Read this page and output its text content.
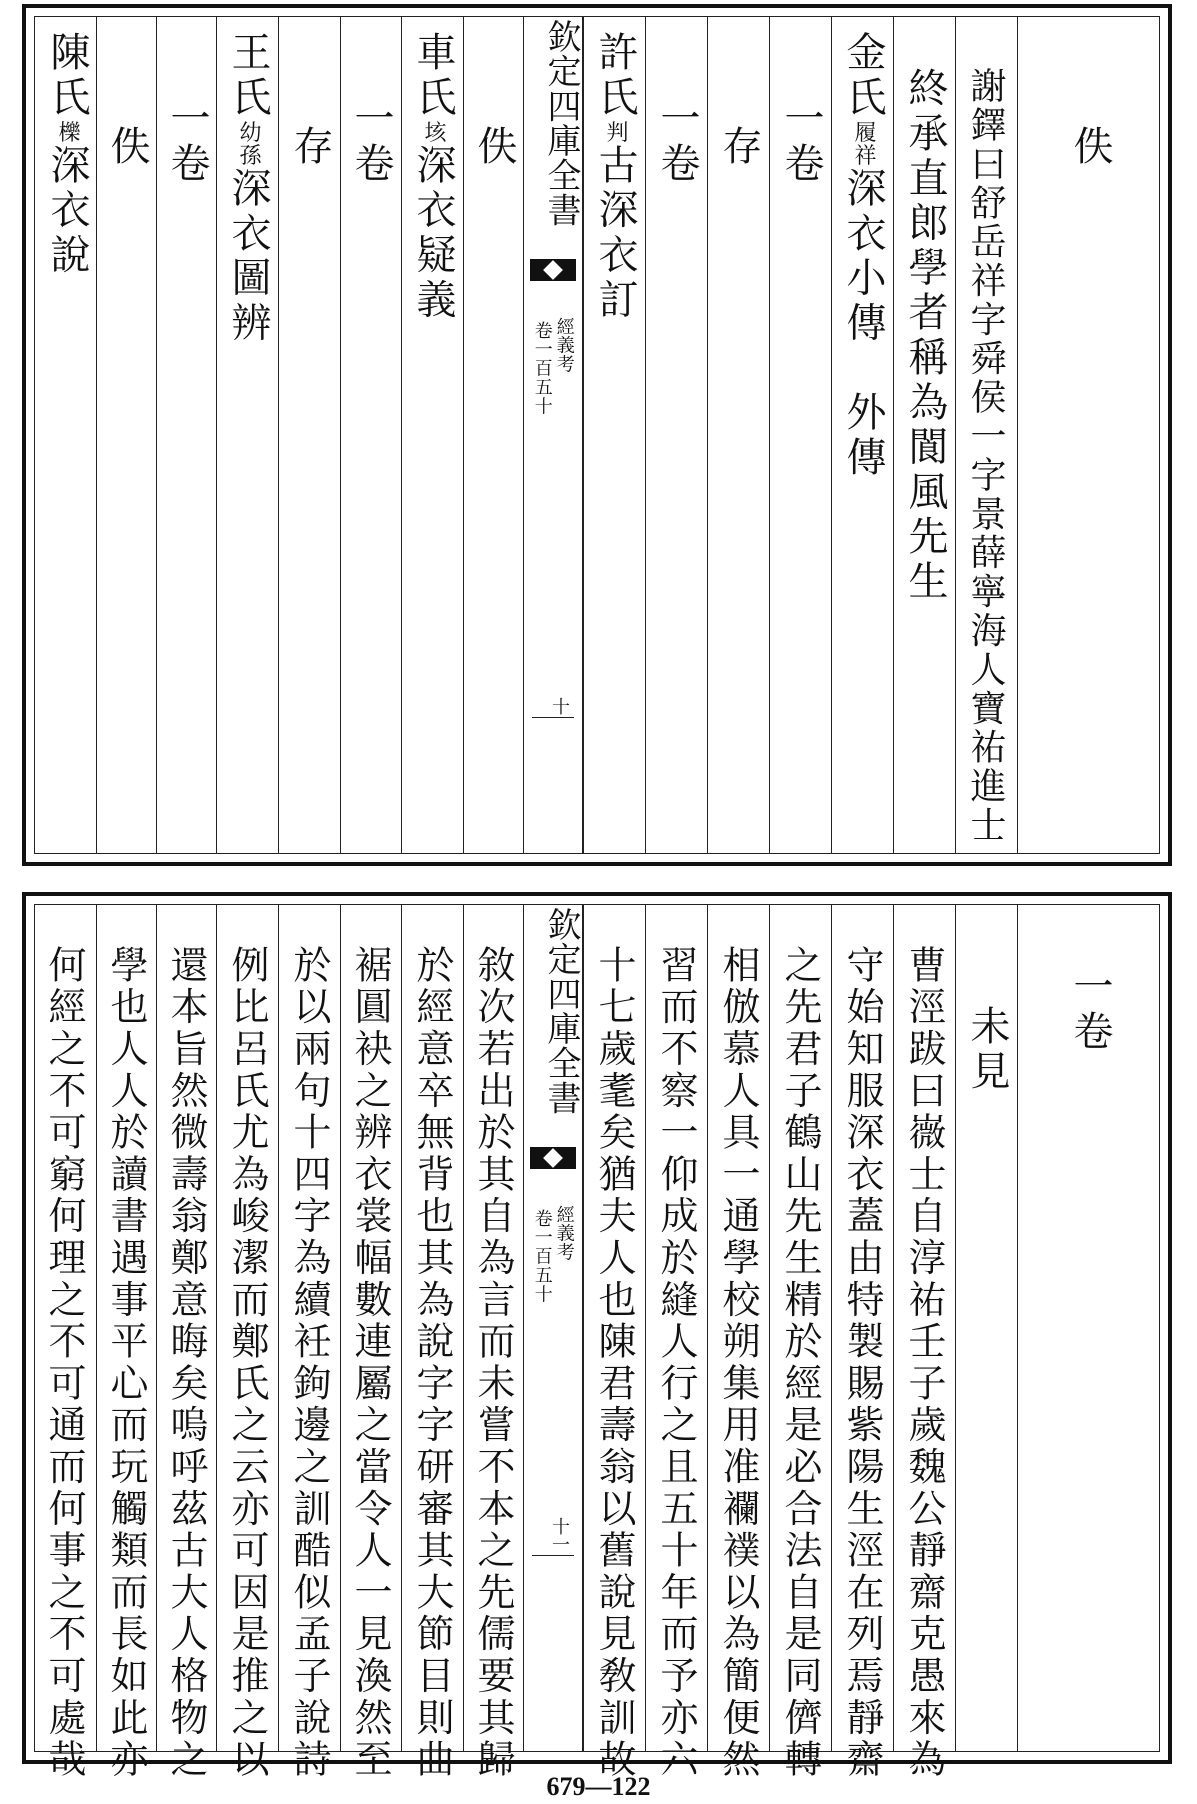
陳氏櫟深衣說 佚 一卷
王氏幼孫深衣圖辨
存 一卷
車氏垓深衣疑義 佚 欽定四庫全書
經義考
卷一百五十
十
許氏判古深衣訂
一卷 存 一卷
金氏履祥深衣小傳　外傳 終承直郎學者稱為閬風先生 謝鐸曰舒岳祥字舜侯一字景薛寧海人寶祐進士 佚
何經之不可窮何理之不可通而何事之不可處哉 學也人人於讀書遇事平心而玩觸類而長如此亦 還本旨然微壽翁鄭意晦矣嗚呼茲古大人格物之 例比呂氏尤為峻潔而鄭氏之云亦可因是推之以 於以兩句十四字為續衽鉤邊之訓酷似孟子說詩 裾圓袂之辨衣裳幅數連屬之當令人一見渙然至 於經意卒無背也其為說字字研審其大節目則曲 敘次若出於其自為言而未嘗不本之先儒要其歸 欽定四庫全書
經義考
卷一百五十
十一 十七歲耄矣猶夫人也陳君壽翁以舊說見敎訓故 習而不察一仰成於縫人行之且五十年而予亦六 相倣慕人具一通學校朔集用准襴襆以為簡便然 之先君子鶴山先生精於經是必合法自是同儕轉 守始知服深衣蓋由特製賜紫陽生涇在列焉靜齋 曹涇跋曰嶶士自淳祐壬子歲魏公靜齋克愚來為 未見 一卷
679—122
